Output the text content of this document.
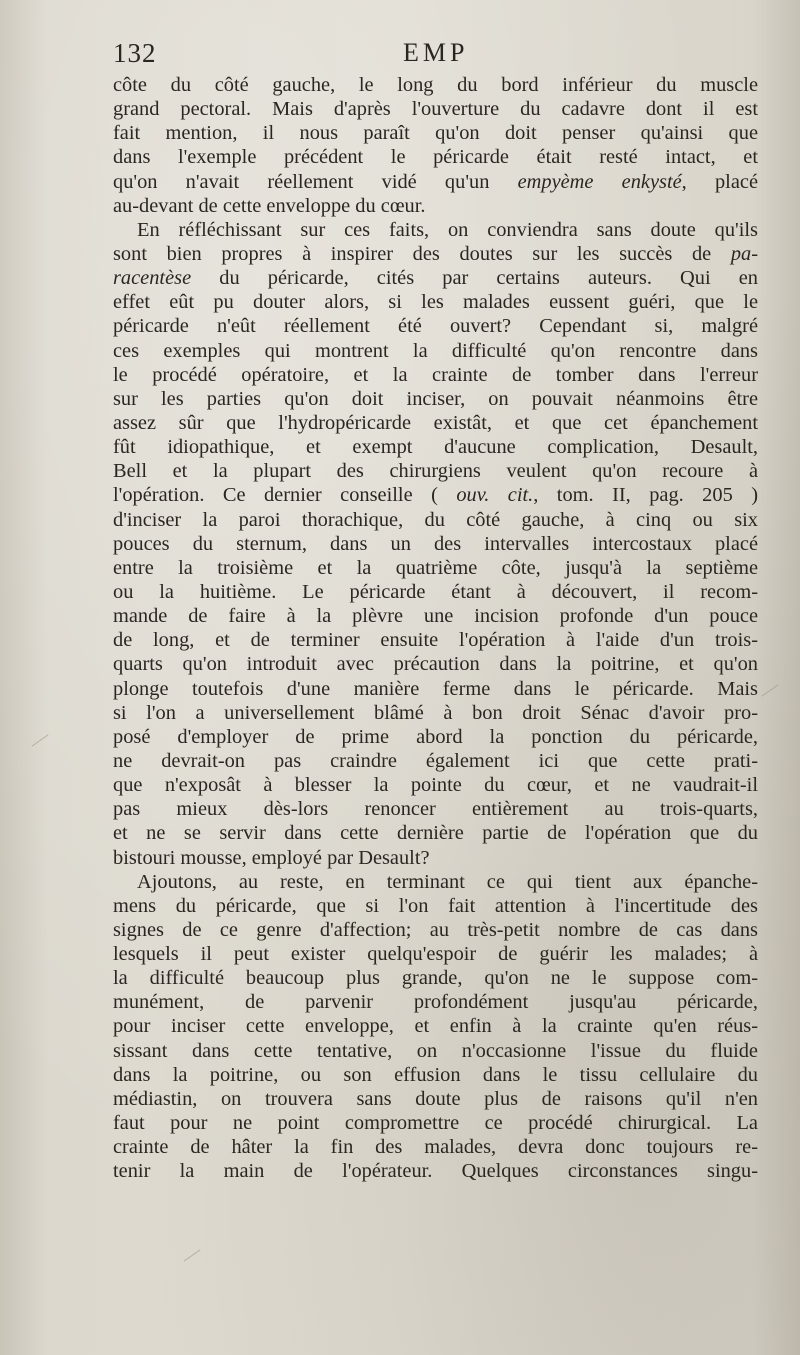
132	EMP
côte du côté gauche, le long du bord inférieur du muscle
grand pectoral. Mais d'après l'ouverture du cadavre dont il est
fait mention, il nous paraît qu'on doit penser qu'ainsi que
dans l'exemple précédent le péricarde était resté intact, et
qu'on n'avait réellement vidé qu'un empyème enkysté, placé
au-devant de cette enveloppe du cœur.
En réfléchissant sur ces faits, on conviendra sans doute qu'ils
sont bien propres à inspirer des doutes sur les succès de pa-
racentèse du péricarde, cités par certains auteurs. Qui en
effet eût pu douter alors, si les malades eussent guéri, que le
péricarde n'eût réellement été ouvert? Cependant si, malgré
ces exemples qui montrent la difficulté qu'on rencontre dans
le procédé opératoire, et la crainte de tomber dans l'erreur
sur les parties qu'on doit inciser, on pouvait néanmoins être
assez sûr que l'hydropéricarde existât, et que cet épanchement
fût idiopathique, et exempt d'aucune complication, Desault,
Bell et la plupart des chirurgiens veulent qu'on recoure à
l'opération. Ce dernier conseille ( ouv. cit., tom. II, pag. 205 )
d'inciser la paroi thorachique, du côté gauche, à cinq ou six
pouces du sternum, dans un des intervalles intercostaux placé
entre la troisième et la quatrième côte, jusqu'à la septième
ou la huitième. Le péricarde étant à découvert, il recom-
mande de faire à la plèvre une incision profonde d'un pouce
de long, et de terminer ensuite l'opération à l'aide d'un trois-
quarts qu'on introduit avec précaution dans la poitrine, et qu'on
plonge toutefois d'une manière ferme dans le péricarde. Mais
si l'on a universellement blâmé à bon droit Sénac d'avoir pro-
posé d'employer de prime abord la ponction du péricarde,
ne devrait-on pas craindre également ici que cette prati-
que n'exposât à blesser la pointe du cœur, et ne vaudrait-il
pas mieux dès-lors renoncer entièrement au trois-quarts,
et ne se servir dans cette dernière partie de l'opération que du
bistouri mousse, employé par Desault?
Ajoutons, au reste, en terminant ce qui tient aux épanche-
mens du péricarde, que si l'on fait attention à l'incertitude des
signes de ce genre d'affection; au très-petit nombre de cas dans
lesquels il peut exister quelqu'espoir de guérir les malades; à
la difficulté beaucoup plus grande, qu'on ne le suppose com-
munément, de parvenir profondément jusqu'au péricarde,
pour inciser cette enveloppe, et enfin à la crainte qu'en réus-
sissant dans cette tentative, on n'occasionne l'issue du fluide
dans la poitrine, ou son effusion dans le tissu cellulaire du
médiastin, on trouvera sans doute plus de raisons qu'il n'en
faut pour ne point compromettre ce procédé chirurgical. La
crainte de hâter la fin des malades, devra donc toujours re-
tenir la main de l'opérateur. Quelques circonstances singu-
